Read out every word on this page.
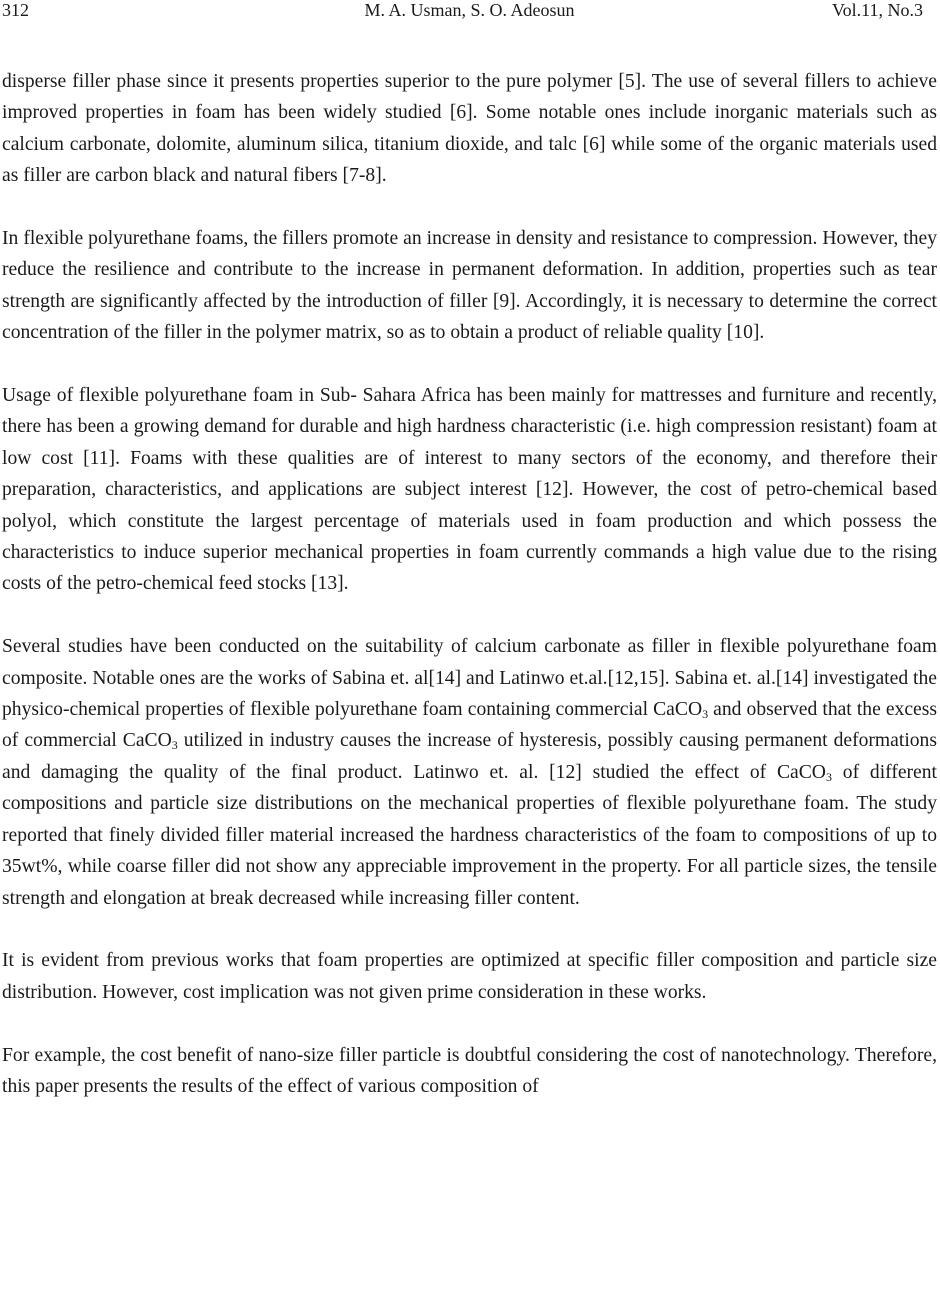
312	M. A. Usman, S. O. Adeosun	Vol.11, No.3

disperse filler phase since it presents properties superior to the pure polymer [5]. The use of several fillers to achieve improved properties in foam has been widely studied [6]. Some notable ones include inorganic materials such as calcium carbonate, dolomite, aluminum silica, titanium dioxide, and talc [6] while some of the organic materials used as filler are carbon black and natural fibers [7-8].

In flexible polyurethane foams, the fillers promote an increase in density and resistance to compression. However, they reduce the resilience and contribute to the increase in permanent deformation. In addition, properties such as tear strength are significantly affected by the introduction of filler [9]. Accordingly, it is necessary to determine the correct concentration of the filler in the polymer matrix, so as to obtain a product of reliable quality [10].

Usage of flexible polyurethane foam in Sub- Sahara Africa has been mainly for mattresses and furniture and recently, there has been a growing demand for durable and high hardness characteristic (i.e. high compression resistant) foam at low cost [11]. Foams with these qualities are of interest to many sectors of the economy, and therefore their preparation, characteristics, and applications are subject interest [12]. However, the cost of petro-chemical based polyol, which constitute the largest percentage of materials used in foam production and which possess the characteristics to induce superior mechanical properties in foam currently commands a high value due to the rising costs of the petro-chemical feed stocks [13].

Several studies have been conducted on the suitability of calcium carbonate as filler in flexible polyurethane foam composite. Notable ones are the works of Sabina et. al[14] and Latinwo et.al.[12,15]. Sabina et. al.[14] investigated the physico-chemical properties of flexible polyurethane foam containing commercial CaCO$_3$ and observed that the excess of commercial CaCO$_3$ utilized in industry causes the increase of hysteresis, possibly causing permanent deformations and damaging the quality of the final product. Latinwo et. al. [12] studied the effect of CaCO$_3$ of different compositions and particle size distributions on the mechanical properties of flexible polyurethane foam. The study reported that finely divided filler material increased the hardness characteristics of the foam to compositions of up to 35wt%, while coarse filler did not show any appreciable improvement in the property. For all particle sizes, the tensile strength and elongation at break decreased while increasing filler content.

It is evident from previous works that foam properties are optimized at specific filler composition and particle size distribution. However, cost implication was not given prime consideration in these works.

For example, the cost benefit of nano-size filler particle is doubtful considering the cost of nanotechnology. Therefore, this paper presents the results of the effect of various composition of
